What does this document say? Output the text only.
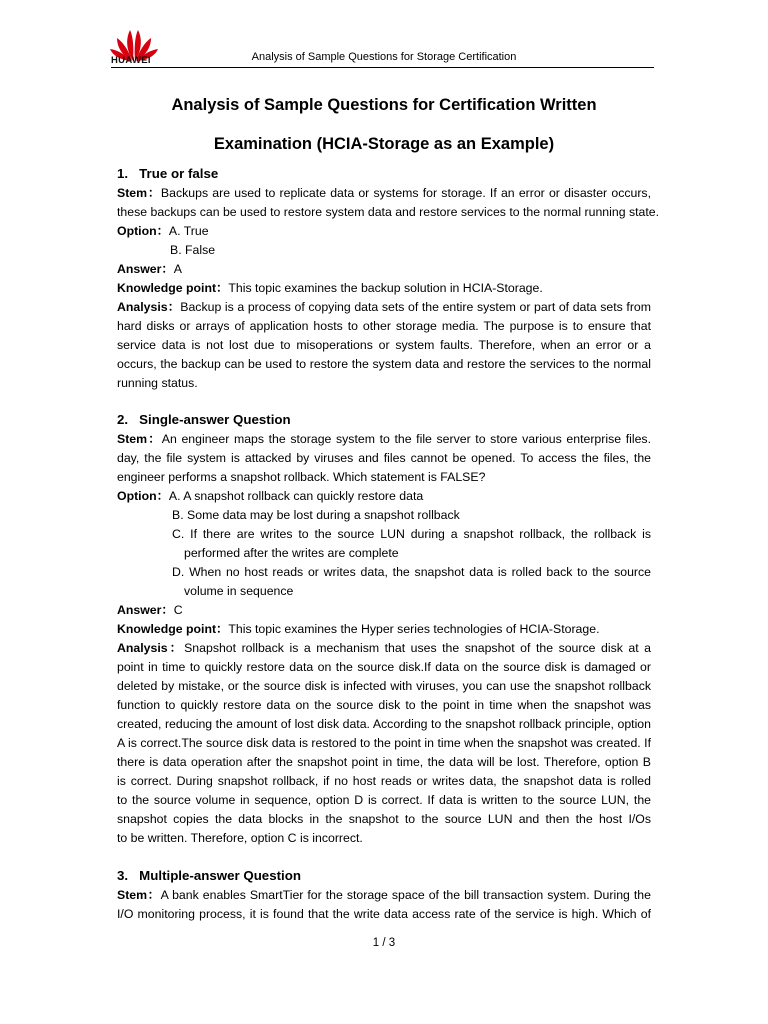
HUAWEI	Analysis of Sample Questions for Storage Certification
Analysis of Sample Questions for Certification Written
Examination (HCIA-Storage as an Example)
1.   True or false
Stem：Backups are used to replicate data or systems for storage. If an error or disaster occurs,
these backups can be used to restore system data and restore services to the normal running state.
Option：A. True
B. False
Answer：A
Knowledge point：This topic examines the backup solution in HCIA-Storage.
Analysis：Backup is a process of copying data sets of the entire system or part of data sets from
hard disks or arrays of application hosts to other storage media. The purpose is to ensure that
service data is not lost due to misoperations or system faults. Therefore, when an error or a
occurs, the backup can be used to restore the system data and restore the services to the normal
running status.
2.   Single-answer Question
Stem：An engineer maps the storage system to the file server to store various enterprise files.
day, the file system is attacked by viruses and files cannot be opened. To access the files, the
engineer performs a snapshot rollback. Which statement is FALSE?
Option：A. A snapshot rollback can quickly restore data
B. Some data may be lost during a snapshot rollback
C. If there are writes to the source LUN during a snapshot rollback, the rollback is
performed after the writes are complete
D. When no host reads or writes data, the snapshot data is rolled back to the source
volume in sequence
Answer：C
Knowledge point：This topic examines the Hyper series technologies of HCIA-Storage.
Analysis：Snapshot rollback is a mechanism that uses the snapshot of the source disk at a
point in time to quickly restore data on the source disk.If data on the source disk is damaged or
deleted by mistake, or the source disk is infected with viruses, you can use the snapshot rollback
function to quickly restore data on the source disk to the point in time when the snapshot was
created, reducing the amount of lost disk data. According to the snapshot rollback principle, option
A is correct.The source disk data is restored to the point in time when the snapshot was created. If
there is data operation after the snapshot point in time, the data will be lost. Therefore, option B
is correct. During snapshot rollback, if no host reads or writes data, the snapshot data is rolled
to the source volume in sequence, option D is correct. If data is written to the source LUN, the
snapshot copies the data blocks in the snapshot to the source LUN and then the host I/Os
to be written. Therefore, option C is incorrect.
3.   Multiple-answer Question
Stem：A bank enables SmartTier for the storage space of the bill transaction system. During the
I/O monitoring process, it is found that the write data access rate of the service is high. Which of
1 / 3
